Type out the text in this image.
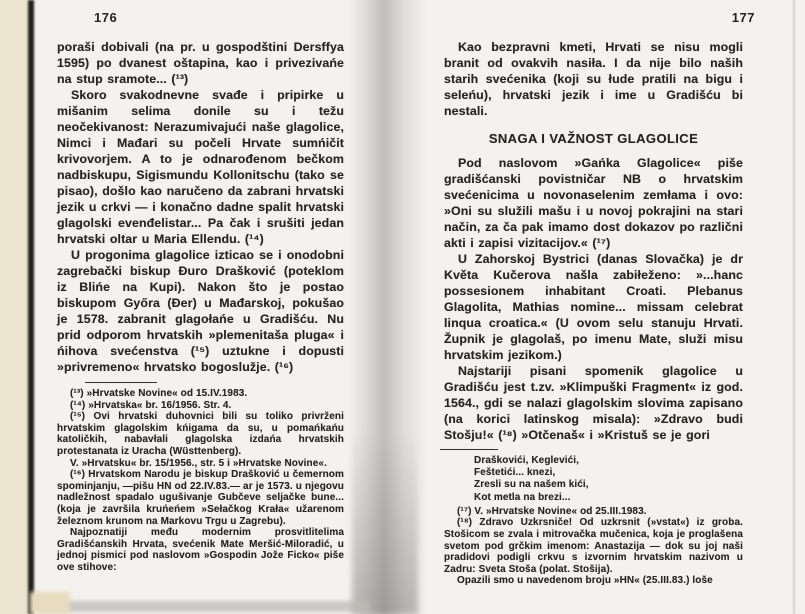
176

poraši dobivali (na pr. u gospodštini Dersffya 1595) po dvanest oštapina, kao i privezivańe na stup sramote... (¹³)

Skoro svakodnevne svađe i pripirke u mišanim selima donile su i težu neočekivanost: Nerazumivajući naše glagolice, Nimci i Mađari su počeli Hrvate sumńičit krivovorjem. A to je odnarođenom bečkom nadbiskupu, Sigismundu Kollonitschu (tako se pisao), došlo kao naručeno da zabrani hrvatski jezik u crkvi — i konačno dadne spalit hrvatski glagolski evenđelistar... Pa čak i srušiti jedan hrvatski oltar u Maria Ellendu. (¹⁴)

U progonima glagolice izticao se i onodobni zagrebački biskup Đuro Drašković (poteklom iz Blińe na Kupi). Nakon što je postao biskupom Győra (Đer) u Mađarskoj, pokušao je 1578. zabranit glagołańe u Gradišću. Nu prid odporom hrvatskih »plemenitaša pluga« i ńihova svećenstva (¹⁵) uztukne i dopusti »privremeno« hrvatsko bogoslužje. (¹⁶)

(¹³) »Hrvatske Novine« od 15.IV.1983.

(¹⁴) »Hrvatska« br. 16/1956. Str. 4.

(¹⁵) Ovi hrvatski duhovnici bili su toliko privrženi hrvatskim glagolskim kńigama da su, u pomańkańu katoličkih, nabavłali glagolska izdańa hrvatskih protestanata iz Uracha (Wüsttenberg).

V. »Hrvatsku« br. 15/1956., str. 5 i »Hrvatske Novine«.

(¹⁶) Hrvatskom Narodu je biskup Drašković u čemernom spominjanju, —pišu HN od 22.IV.83.— ar je 1573. u njegovu nadležnost spadalo ugušivanje Gubčeve seljačke bune... (koja je završila kruńeńem »Sełačkog Krała« užarenom železnom krunom na Markovu Trgu u Zagrebu).

Najpoznatiji među modernim prosvitlitelima Gradišćanskih Hrvata, svećenik Mate Meršić-Miloradić, u jednoj pismici pod naslovom »Gospodin Jože Ficko« piše ove stihove:

177

Kao bezpravni kmeti, Hrvati se nisu mogli branit od ovakvih nasiła. I da nije bilo naših starih svećenika (koji su łude pratili na bigu i seleńu), hrvatski jezik i ime u Gradišću bi nestali.

SNAGA I VAŽNOST GLAGOLICE

Pod naslovom »Gańka Glagolice« piše gradišćanski povistničar NB o hrvatskim svećenicima u novonaselenim zemłama i ovo: »Oni su služili mašu i u novoj pokrajini na stari način, za ča pak imamo dost dokazov po različni akti i zapisi vizitacijov.« (¹⁷)

U Zahorskoj Bystrici (danas Slovačka) je dr Květa Kučerova našla zabiłeženo: »...hanc possesionem inhabitant Croati. Plebanus Glagolita, Mathias nomine... missam celebrat linqua croatica.« (U ovom selu stanuju Hrvati. Župnik je glagolaš, po imenu Mate, služi misu hrvatskim jezikom.)

Najstariji pisani spomenik glagolice u Gradišću jest t.zv. »Klimpuški Fragment« iz god. 1564., gdi se nalazi glagolskim slovima zapisano (na korici latinskog misala): »Zdravo budi Stošju!« (¹⁸) »Otčenaš« i »Kristuš se je gori

Draškovići, Keglevići,
Feštetići... knezi,
Zresli su na našem kići,
Kot metla na brezi...

(¹⁷) V. »Hrvatske Novine« od 25.III.1983.

(¹⁸) Zdravo Uzkrsniče! Od uzkrsnit (»vstat«) iz groba. Stošicom se zvala i mitrovačka mučenica, koja je proglašena svetom pod grčkim imenom: Anastazija — dok su joj naši pradidovi podigli crkvu s izvornim hrvatskim nazivom u Zadru: Sveta Stoša (polat. Stošija).

Opazili smo u navedenom broju »HN« (25.III.83.) loše
